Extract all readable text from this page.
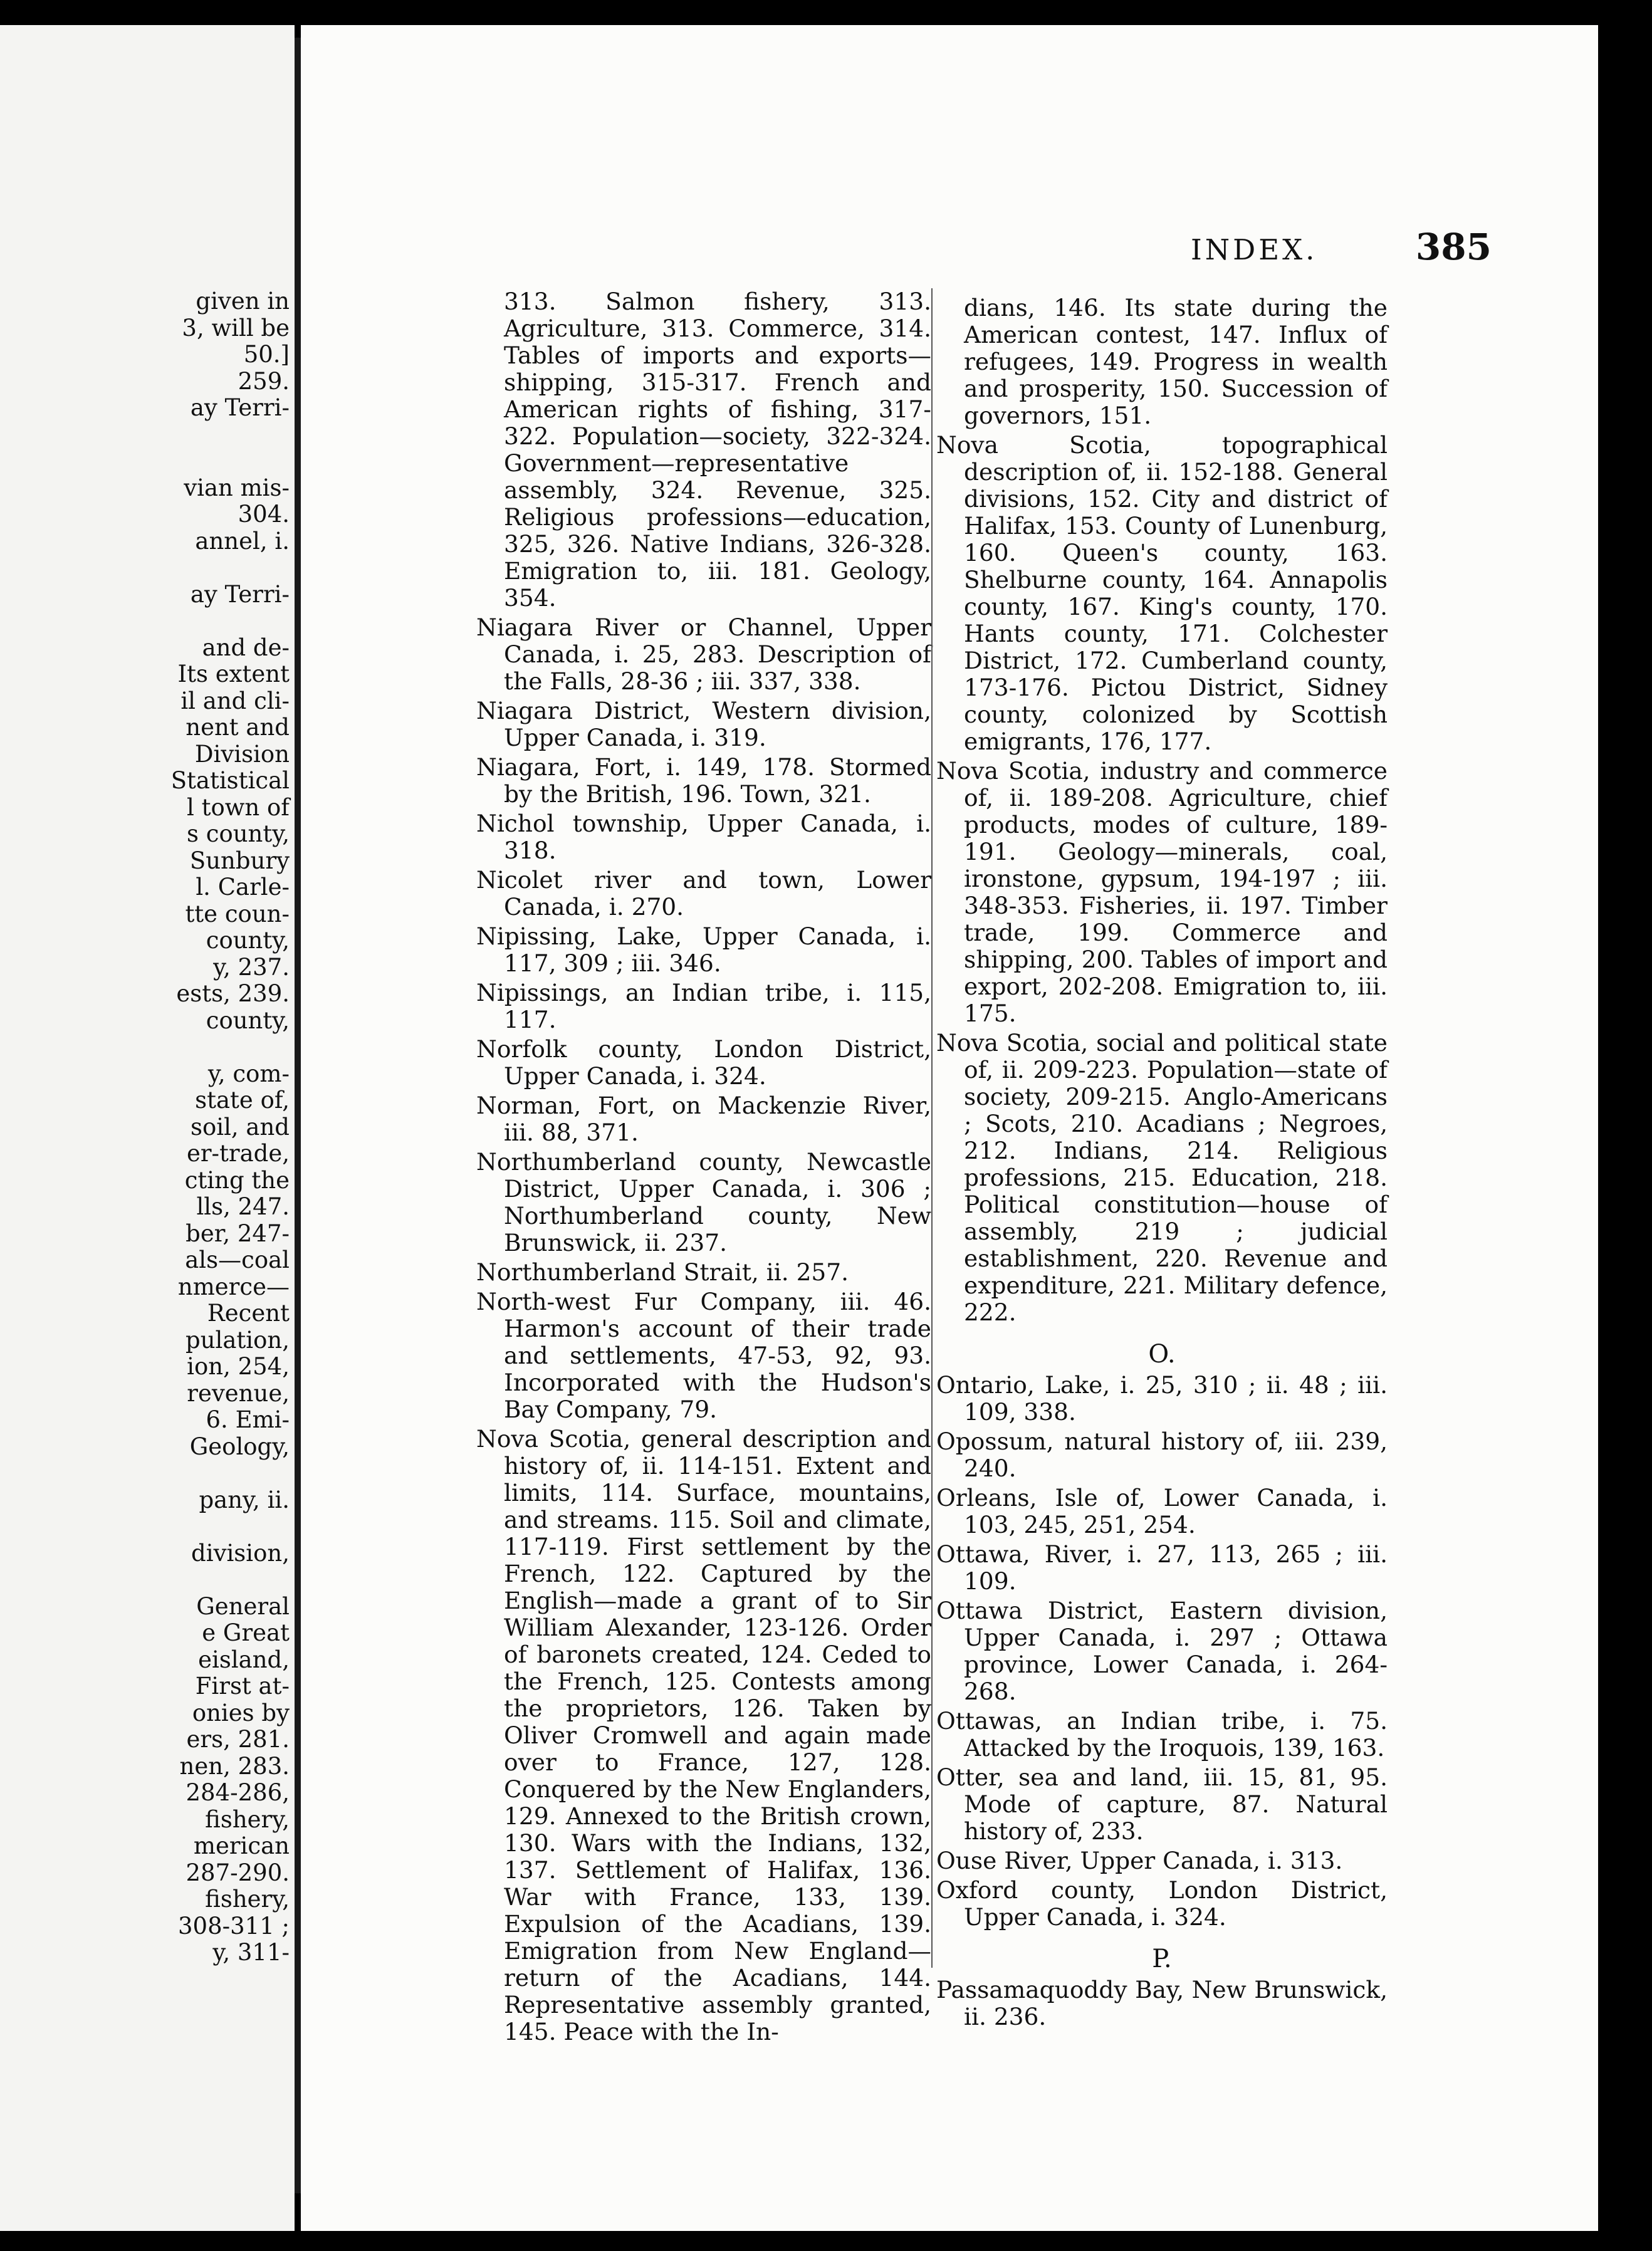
given in
3, will be
50.]
259.
ay Terri-
vian mis-
304.
annel, i.
ay Terri-
and de-
Its extent
il and cli-
nent and
Division
Statistical
l town of
s county,
Sunbury
l. Carle-
tte coun-
county,
y, 237.
ests, 239.
county,
y, com-
state of,
soil, and
er-trade,
cting the
lls, 247.
ber, 247-
als—coal
nmerce—
Recent
pulation,
ion, 254,
revenue,
6. Emi-
Geology,
pany, ii.
division,
General
e Great
eisland,
First at-
onies by
ers, 281.
nen, 283.
284-286,
fishery,
merican
287-290.
fishery,
308-311 ;
y, 311-
INDEX.	385

313. Salmon fishery, 313. Agriculture, 313. Commerce, 314. Tables of imports and exports—shipping, 315-317. French and American rights of fishing, 317-322. Population—society, 322-324. Government—representative assembly, 324. Revenue, 325. Religious professions—education, 325, 326. Native Indians, 326-328. Emigration to, iii. 181. Geology, 354.

Niagara River or Channel, Upper Canada, i. 25, 283. Description of the Falls, 28-36 ; iii. 337, 338.

Niagara District, Western division, Upper Canada, i. 319.

Niagara, Fort, i. 149, 178. Stormed by the British, 196. Town, 321.

Nichol township, Upper Canada, i. 318.

Nicolet river and town, Lower Canada, i. 270.

Nipissing, Lake, Upper Canada, i. 117, 309 ; iii. 346.

Nipissings, an Indian tribe, i. 115, 117.

Norfolk county, London District, Upper Canada, i. 324.

Norman, Fort, on Mackenzie River, iii. 88, 371.

Northumberland county, Newcastle District, Upper Canada, i. 306 ; Northumberland county, New Brunswick, ii. 237.

Northumberland Strait, ii. 257.

North-west Fur Company, iii. 46. Harmon's account of their trade and settlements, 47-53, 92, 93. Incorporated with the Hudson's Bay Company, 79.

Nova Scotia, general description and history of, ii. 114-151. Extent and limits, 114. Surface, mountains, and streams. 115. Soil and climate, 117-119. First settlement by the French, 122. Captured by the English—made a grant of to Sir William Alexander, 123-126. Order of baronets created, 124. Ceded to the French, 125. Contests among the proprietors, 126. Taken by Oliver Cromwell and again made over to France, 127, 128. Conquered by the New Englanders, 129. Annexed to the British crown, 130. Wars with the Indians, 132, 137. Settlement of Halifax, 136. War with France, 133, 139. Expulsion of the Acadians, 139. Emigration from New England—return of the Acadians, 144. Representative assembly granted, 145. Peace with the In-

dians, 146. Its state during the American contest, 147. Influx of refugees, 149. Progress in wealth and prosperity, 150. Succession of governors, 151.

Nova Scotia, topographical description of, ii. 152-188. General divisions, 152. City and district of Halifax, 153. County of Lunenburg, 160. Queen's county, 163. Shelburne county, 164. Annapolis county, 167. King's county, 170. Hants county, 171. Colchester District, 172. Cumberland county, 173-176. Pictou District, Sidney county, colonized by Scottish emigrants, 176, 177.

Nova Scotia, industry and commerce of, ii. 189-208. Agriculture, chief products, modes of culture, 189-191. Geology—minerals, coal, ironstone, gypsum, 194-197 ; iii. 348-353. Fisheries, ii. 197. Timber trade, 199. Commerce and shipping, 200. Tables of import and export, 202-208. Emigration to, iii. 175.

Nova Scotia, social and political state of, ii. 209-223. Population—state of society, 209-215. Anglo-Americans ; Scots, 210. Acadians ; Negroes, 212. Indians, 214. Religious professions, 215. Education, 218. Political constitution—house of assembly, 219 ; judicial establishment, 220. Revenue and expenditure, 221. Military defence, 222.

O.

Ontario, Lake, i. 25, 310 ; ii. 48 ; iii. 109, 338.

Opossum, natural history of, iii. 239, 240.

Orleans, Isle of, Lower Canada, i. 103, 245, 251, 254.

Ottawa, River, i. 27, 113, 265 ; iii. 109.

Ottawa District, Eastern division, Upper Canada, i. 297 ; Ottawa province, Lower Canada, i. 264-268.

Ottawas, an Indian tribe, i. 75. Attacked by the Iroquois, 139, 163.

Otter, sea and land, iii. 15, 81, 95. Mode of capture, 87. Natural history of, 233.

Ouse River, Upper Canada, i. 313.

Oxford county, London District, Upper Canada, i. 324.

P.

Passamaquoddy Bay, New Brunswick, ii. 236.
